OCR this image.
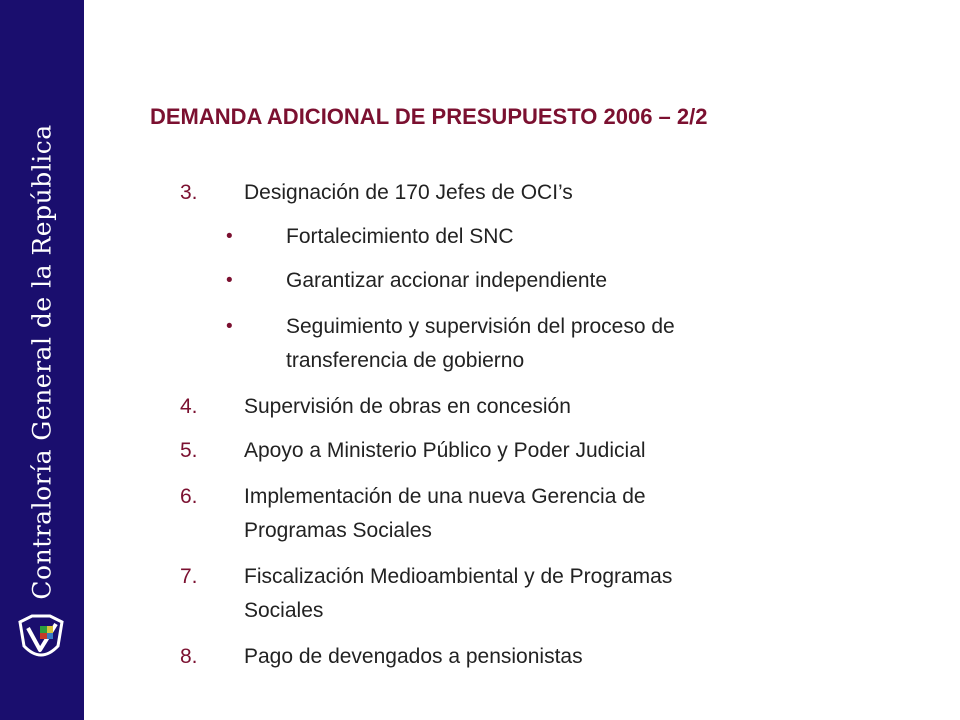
Contraloría General de la República
DEMANDA ADICIONAL DE PRESUPUESTO 2006 – 2/2
3. Designación de 170 Jefes de OCI’s
•	Fortalecimiento del SNC
•	Garantizar accionar independiente
•	Seguimiento y supervisión del proceso de
transferencia de gobierno
4. Supervisión de obras en concesión
5. Apoyo a Ministerio Público y Poder Judicial
6. Implementación de una nueva Gerencia de
Programas Sociales
7. Fiscalización Medioambiental y de Programas
Sociales
8. Pago de devengados a pensionistas
